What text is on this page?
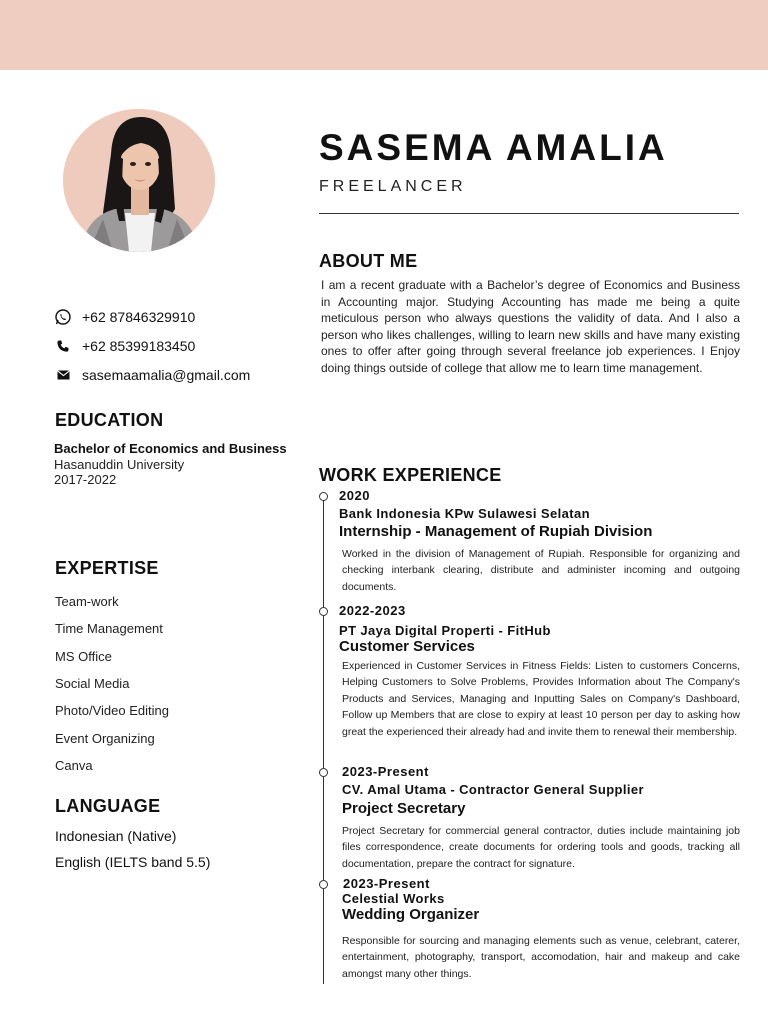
SASEMA AMALIA
FREELANCER
ABOUT ME
I am a recent graduate with a Bachelor’s degree of Economics and Business in Accounting major. Studying Accounting has made me being a quite meticulous person who always questions the validity of data. And I also a person who likes challenges, willing to learn new skills and have many existing ones to offer after going through several freelance job experiences. I Enjoy doing things outside of college that allow me to learn time management.
+62 87846329910
+62 85399183450
sasemaamalia@gmail.com
EDUCATION
Bachelor of Economics and Business
Hasanuddin University
2017-2022
EXPERTISE
Team-work
Time Management
MS Office
Social Media
Photo/Video Editing
Event Organizing
Canva
LANGUAGE
Indonesian (Native)
English (IELTS band 5.5)
WORK EXPERIENCE
2020
Bank Indonesia KPw Sulawesi Selatan
Internship - Management of Rupiah Division
Worked in the division of Management of Rupiah. Responsible for organizing and checking interbank clearing, distribute and administer incoming and outgoing documents.
2022-2023
PT Jaya Digital Properti - FitHub
Customer Services
Experienced in Customer Services in Fitness Fields: Listen to customers Concerns, Helping Customers to Solve Problems, Provides Information about The Company's Products and Services, Managing and Inputting Sales on Company's Dashboard, Follow up Members that are close to expiry at least 10 person per day to asking how great the experienced their already had and invite them to renewal their membership.
2023-Present
CV. Amal Utama - Contractor General Supplier
Project Secretary
Project Secretary for commercial general contractor, duties include maintaining job files correspondence, create documents for ordering tools and goods, tracking all documentation, prepare the contract for signature.
2023-Present
Celestial Works
Wedding Organizer
Responsible for sourcing and managing elements such as venue, celebrant, caterer, entertainment, photography, transport, accomodation, hair and makeup and cake amongst many other things.
